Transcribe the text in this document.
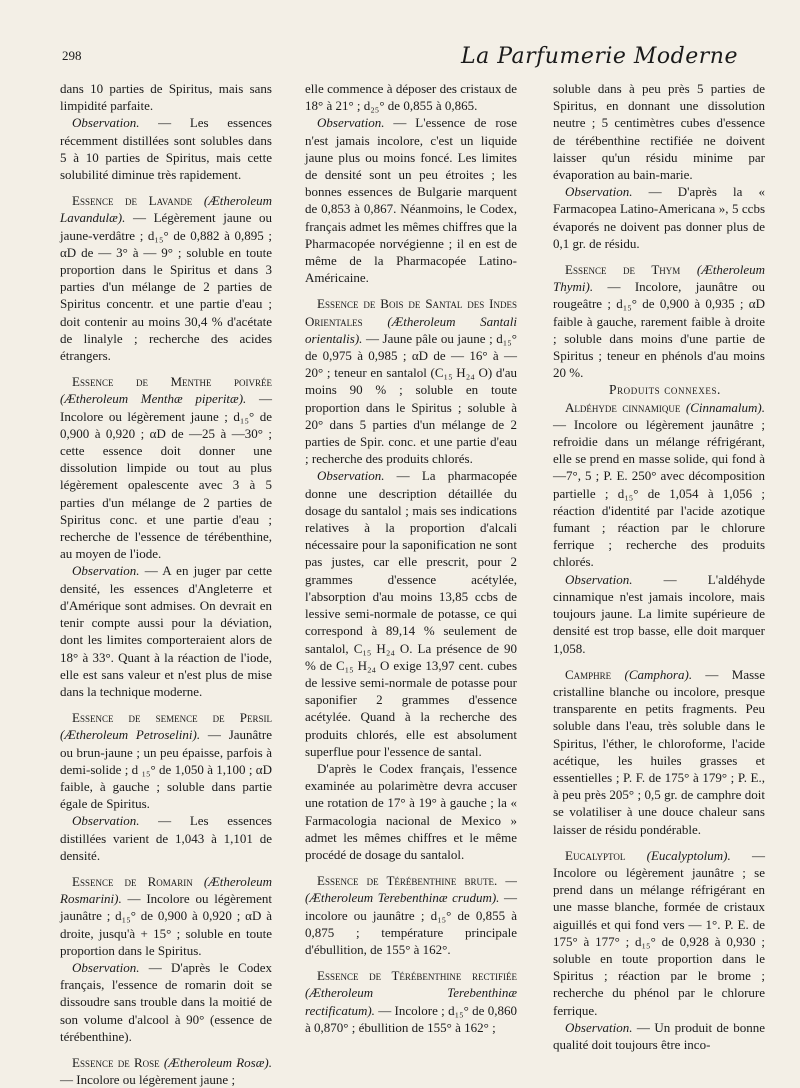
298	La Parfumerie Moderne

dans 10 parties de Spiritus, mais sans limpidité parfaite.

Observation. — Les essences récemment distillées sont solubles dans 5 à 10 parties de Spiritus, mais cette solubilité diminue très rapidement.

Essence de Lavande (Ætheroleum Lavandulæ). — Légèrement jaune ou jaune-verdâtre ; d₁₅° de 0,882 à 0,895 ; αD de — 3° à — 9° ; soluble en toute proportion dans le Spiritus et dans 3 parties d'un mélange de 2 parties de Spiritus concentr. et une partie d'eau ; doit contenir au moins 30,4 % d'acétate de linalyle ; recherche des acides étrangers.

Essence de Menthe poivrée (Ætheroleum Menthæ piperitæ). — Incolore ou légèrement jaune ; d₁₅° de 0,900 à 0,920 ; αD de —25 à —30° ; cette essence doit donner une dissolution limpide ou tout au plus légèrement opalescente avec 3 à 5 parties d'un mélange de 2 parties de Spiritus conc. et une partie d'eau ; recherche de l'essence de térébenthine, au moyen de l'iode.

Observation. — A en juger par cette densité, les essences d'Angleterre et d'Amérique sont admises. On devrait en tenir compte aussi pour la déviation, dont les limites comporteraient alors de 18° à 33°. Quant à la réaction de l'iode, elle est sans valeur et n'est plus de mise dans la technique moderne.

Essence de semence de Persil (Ætheroleum Petroselini). — Jaunâtre ou brun-jaune ; un peu épaisse, parfois à demi-solide ; d ₁₅° de 1,050 à 1,100 ; αD faible, à gauche ; soluble dans partie égale de Spiritus.

Observation. — Les essences distillées varient de 1,043 à 1,101 de densité.

Essence de Romarin (Ætheroleum Rosmarini). — Incolore ou légèrement jaunâtre ; d₁₅° de 0,900 à 0,920 ; αD à droite, jusqu'à + 15° ; soluble en toute proportion dans le Spiritus.

Observation. — D'après le Codex français, l'essence de romarin doit se dissoudre sans trouble dans la moitié de son volume d'alcool à 90° (essence de térébenthine).

Essence de Rose (Ætheroleum Rosæ). — Incolore ou légèrement jaune ;

elle commence à déposer des cristaux de 18° à 21° ; d₂₅° de 0,855 à 0,865.

Observation. — L'essence de rose n'est jamais incolore, c'est un liquide jaune plus ou moins foncé. Les limites de densité sont un peu étroites ; les bonnes essences de Bulgarie marquent de 0,853 à 0,867. Néanmoins, le Codex, français admet les mêmes chiffres que la Pharmacopée norvégienne ; il en est de même de la Pharmacopée Latino-Américaine.

Essence de Bois de Santal des Indes Orientales (Ætheroleum Santali orientalis). — Jaune pâle ou jaune ; d₁₅° de 0,975 à 0,985 ; αD de — 16° à — 20° ; teneur en santalol (C₁₅ H₂₄ O) d'au moins 90 % ; soluble en toute proportion dans le Spiritus ; soluble à 20° dans 5 parties d'un mélange de 2 parties de Spir. conc. et une partie d'eau ; recherche des produits chlorés.

Observation. — La pharmacopée donne une description détaillée du dosage du santalol ; mais ses indications relatives à la proportion d'alcali nécessaire pour la saponification ne sont pas justes, car elle prescrit, pour 2 grammes d'essence acétylée, l'absorption d'au moins 13,85 ccbs de lessive semi-normale de potasse, ce qui correspond à 89,14 % seulement de santalol, C₁₅ H₂₄ O. La présence de 90 % de C₁₅ H₂₄ O exige 13,97 cent. cubes de lessive semi-normale de potasse pour saponifier 2 grammes d'essence acétylée. Quand à la recherche des produits chlorés, elle est absolument superflue pour l'essence de santal.

D'après le Codex français, l'essence examinée au polarimètre devra accuser une rotation de 17° à 19° à gauche ; la « Farmacologia nacional de Mexico » admet les mêmes chiffres et le même procédé de dosage du santalol.

Essence de Térébenthine brute. — (Ætheroleum Terebenthinæ crudum). — incolore ou jaunâtre ; d₁₅° de 0,855 à 0,875 ; température principale d'ébullition, de 155° à 162°.

Essence de Térébenthine rectifiée (Ætheroleum Terebenthinæ rectificatum). — Incolore ; d₁₅° de 0,860 à 0,870° ; ébullition de 155° à 162° ;

soluble dans à peu près 5 parties de Spiritus, en donnant une dissolution neutre ; 5 centimètres cubes d'essence de térébenthine rectifiée ne doivent laisser qu'un résidu minime par évaporation au bain-marie.

Observation. — D'après la « Farmacopea Latino-Americana », 5 ccbs évaporés ne doivent pas donner plus de 0,1 gr. de résidu.

Essence de Thym (Ætheroleum Thymi). — Incolore, jaunâtre ou rougeâtre ; d₁₅° de 0,900 à 0,935 ; αD faible à gauche, rarement faible à droite ; soluble dans moins d'une partie de Spiritus ; teneur en phénols d'au moins 20 %.

Produits connexes.

Aldéhyde cinnamique (Cinnamalum). — Incolore ou légèrement jaunâtre ; refroidie dans un mélange réfrigérant, elle se prend en masse solide, qui fond à —7°, 5 ; P. E. 250° avec décomposition partielle ; d₁₅° de 1,054 à 1,056 ; réaction d'identité par l'acide azotique fumant ; réaction par le chlorure ferrique ; recherche des produits chlorés.

Observation. — L'aldéhyde cinnamique n'est jamais incolore, mais toujours jaune. La limite supérieure de densité est trop basse, elle doit marquer 1,058.

Camphre (Camphora). — Masse cristalline blanche ou incolore, presque transparente en petits fragments. Peu soluble dans l'eau, très soluble dans le Spiritus, l'éther, le chloroforme, l'acide acétique, les huiles grasses et essentielles ; P. F. de 175° à 179° ; P. E., à peu près 205° ; 0,5 gr. de camphre doit se volatiliser à une douce chaleur sans laisser de résidu pondérable.

Eucalyptol (Eucalyptolum). — Incolore ou légèrement jaunâtre ; se prend dans un mélange réfrigérant en une masse blanche, formée de cristaux aiguillés et qui fond vers — 1°. P. E. de 175° à 177° ; d₁₅° de 0,928 à 0,930 ; soluble en toute proportion dans le Spiritus ; réaction par le brome ; recherche du phénol par le chlorure ferrique.

Observation. — Un produit de bonne qualité doit toujours être inco-
